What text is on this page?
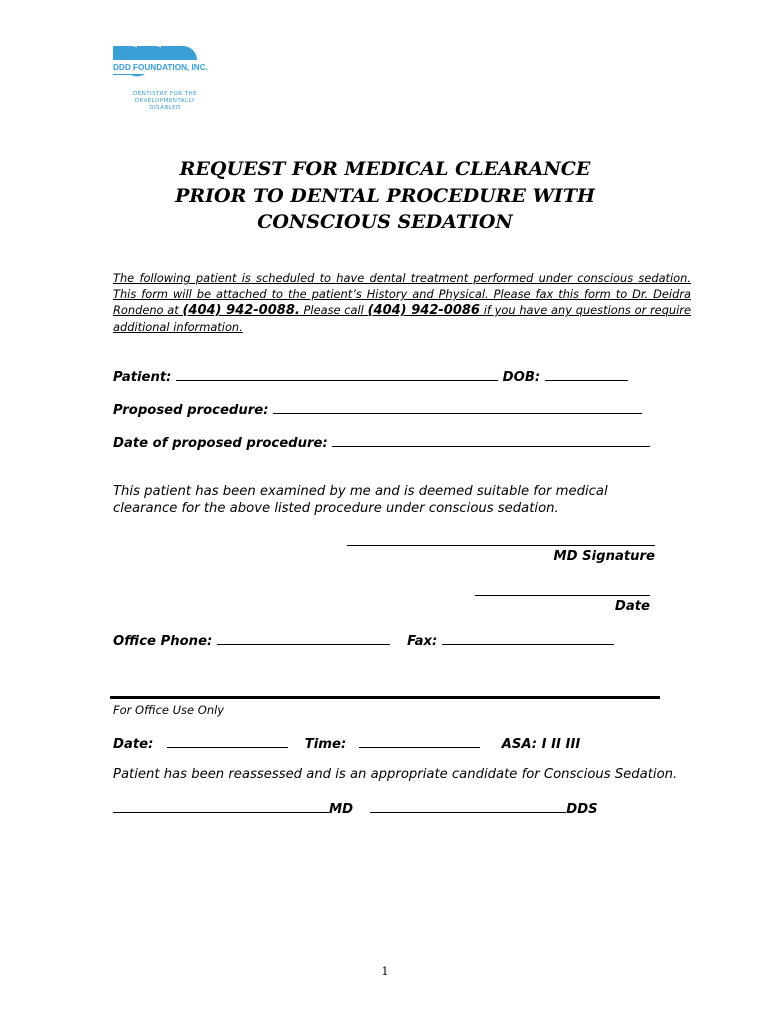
DDD FOUNDATION, INC.
DENTISTRY FOR THE
DEVELOPMENTALLY DISABLED
REQUEST FOR MEDICAL CLEARANCE
PRIOR TO DENTAL PROCEDURE WITH
CONSCIOUS SEDATION
The following patient is scheduled to have dental treatment performed under conscious sedation. This form will be attached to the patient’s History and Physical. Please fax this form to Dr. Deidra Rondeno at (404) 942-0088. Please call (404) 942-0086 if you have any questions or require additional information.
Patient:	DOB:
Proposed procedure:
Date of proposed procedure:
This patient has been examined by me and is deemed suitable for medical clearance for the above listed procedure under conscious sedation.
MD Signature
Date
Office Phone:	Fax:
For Office Use Only
Date:	Time:	ASA: I II III
Patient has been reassessed and is an appropriate candidate for Conscious Sedation.
MD	DDS
1
